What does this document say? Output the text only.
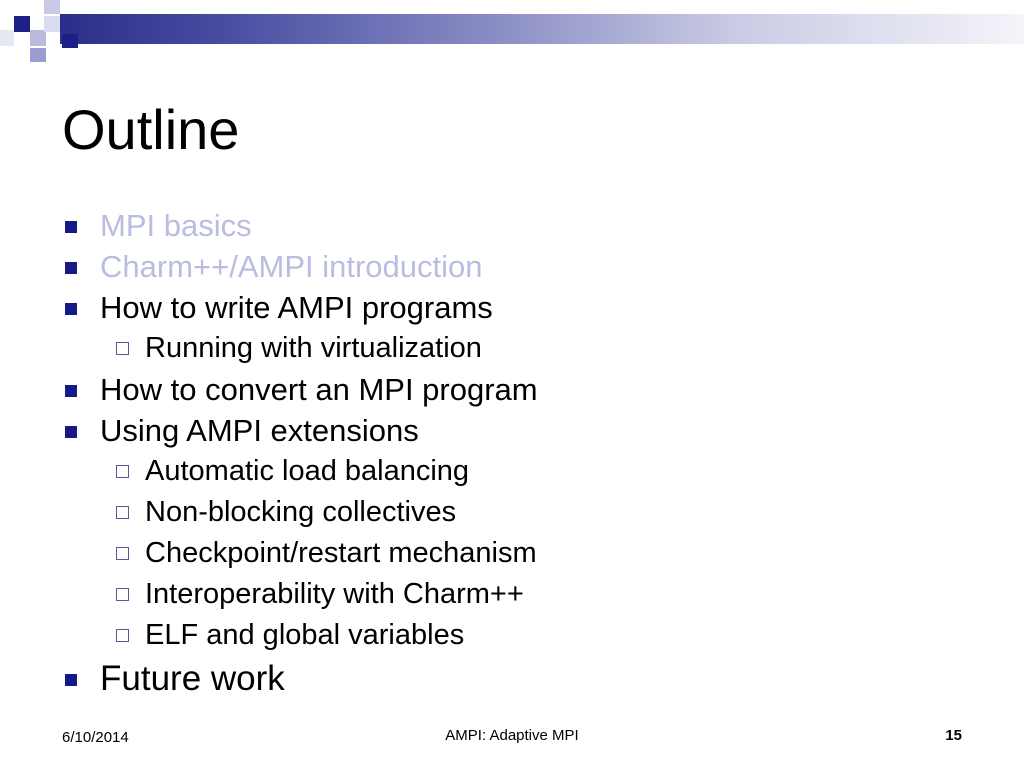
Outline
MPI basics
Charm++/AMPI introduction
How to write AMPI programs
Running with virtualization
How to convert an MPI program
Using AMPI extensions
Automatic load balancing
Non-blocking collectives
Checkpoint/restart mechanism
Interoperability with Charm++
ELF and global variables
Future work
6/10/2014	AMPI: Adaptive MPI	15
